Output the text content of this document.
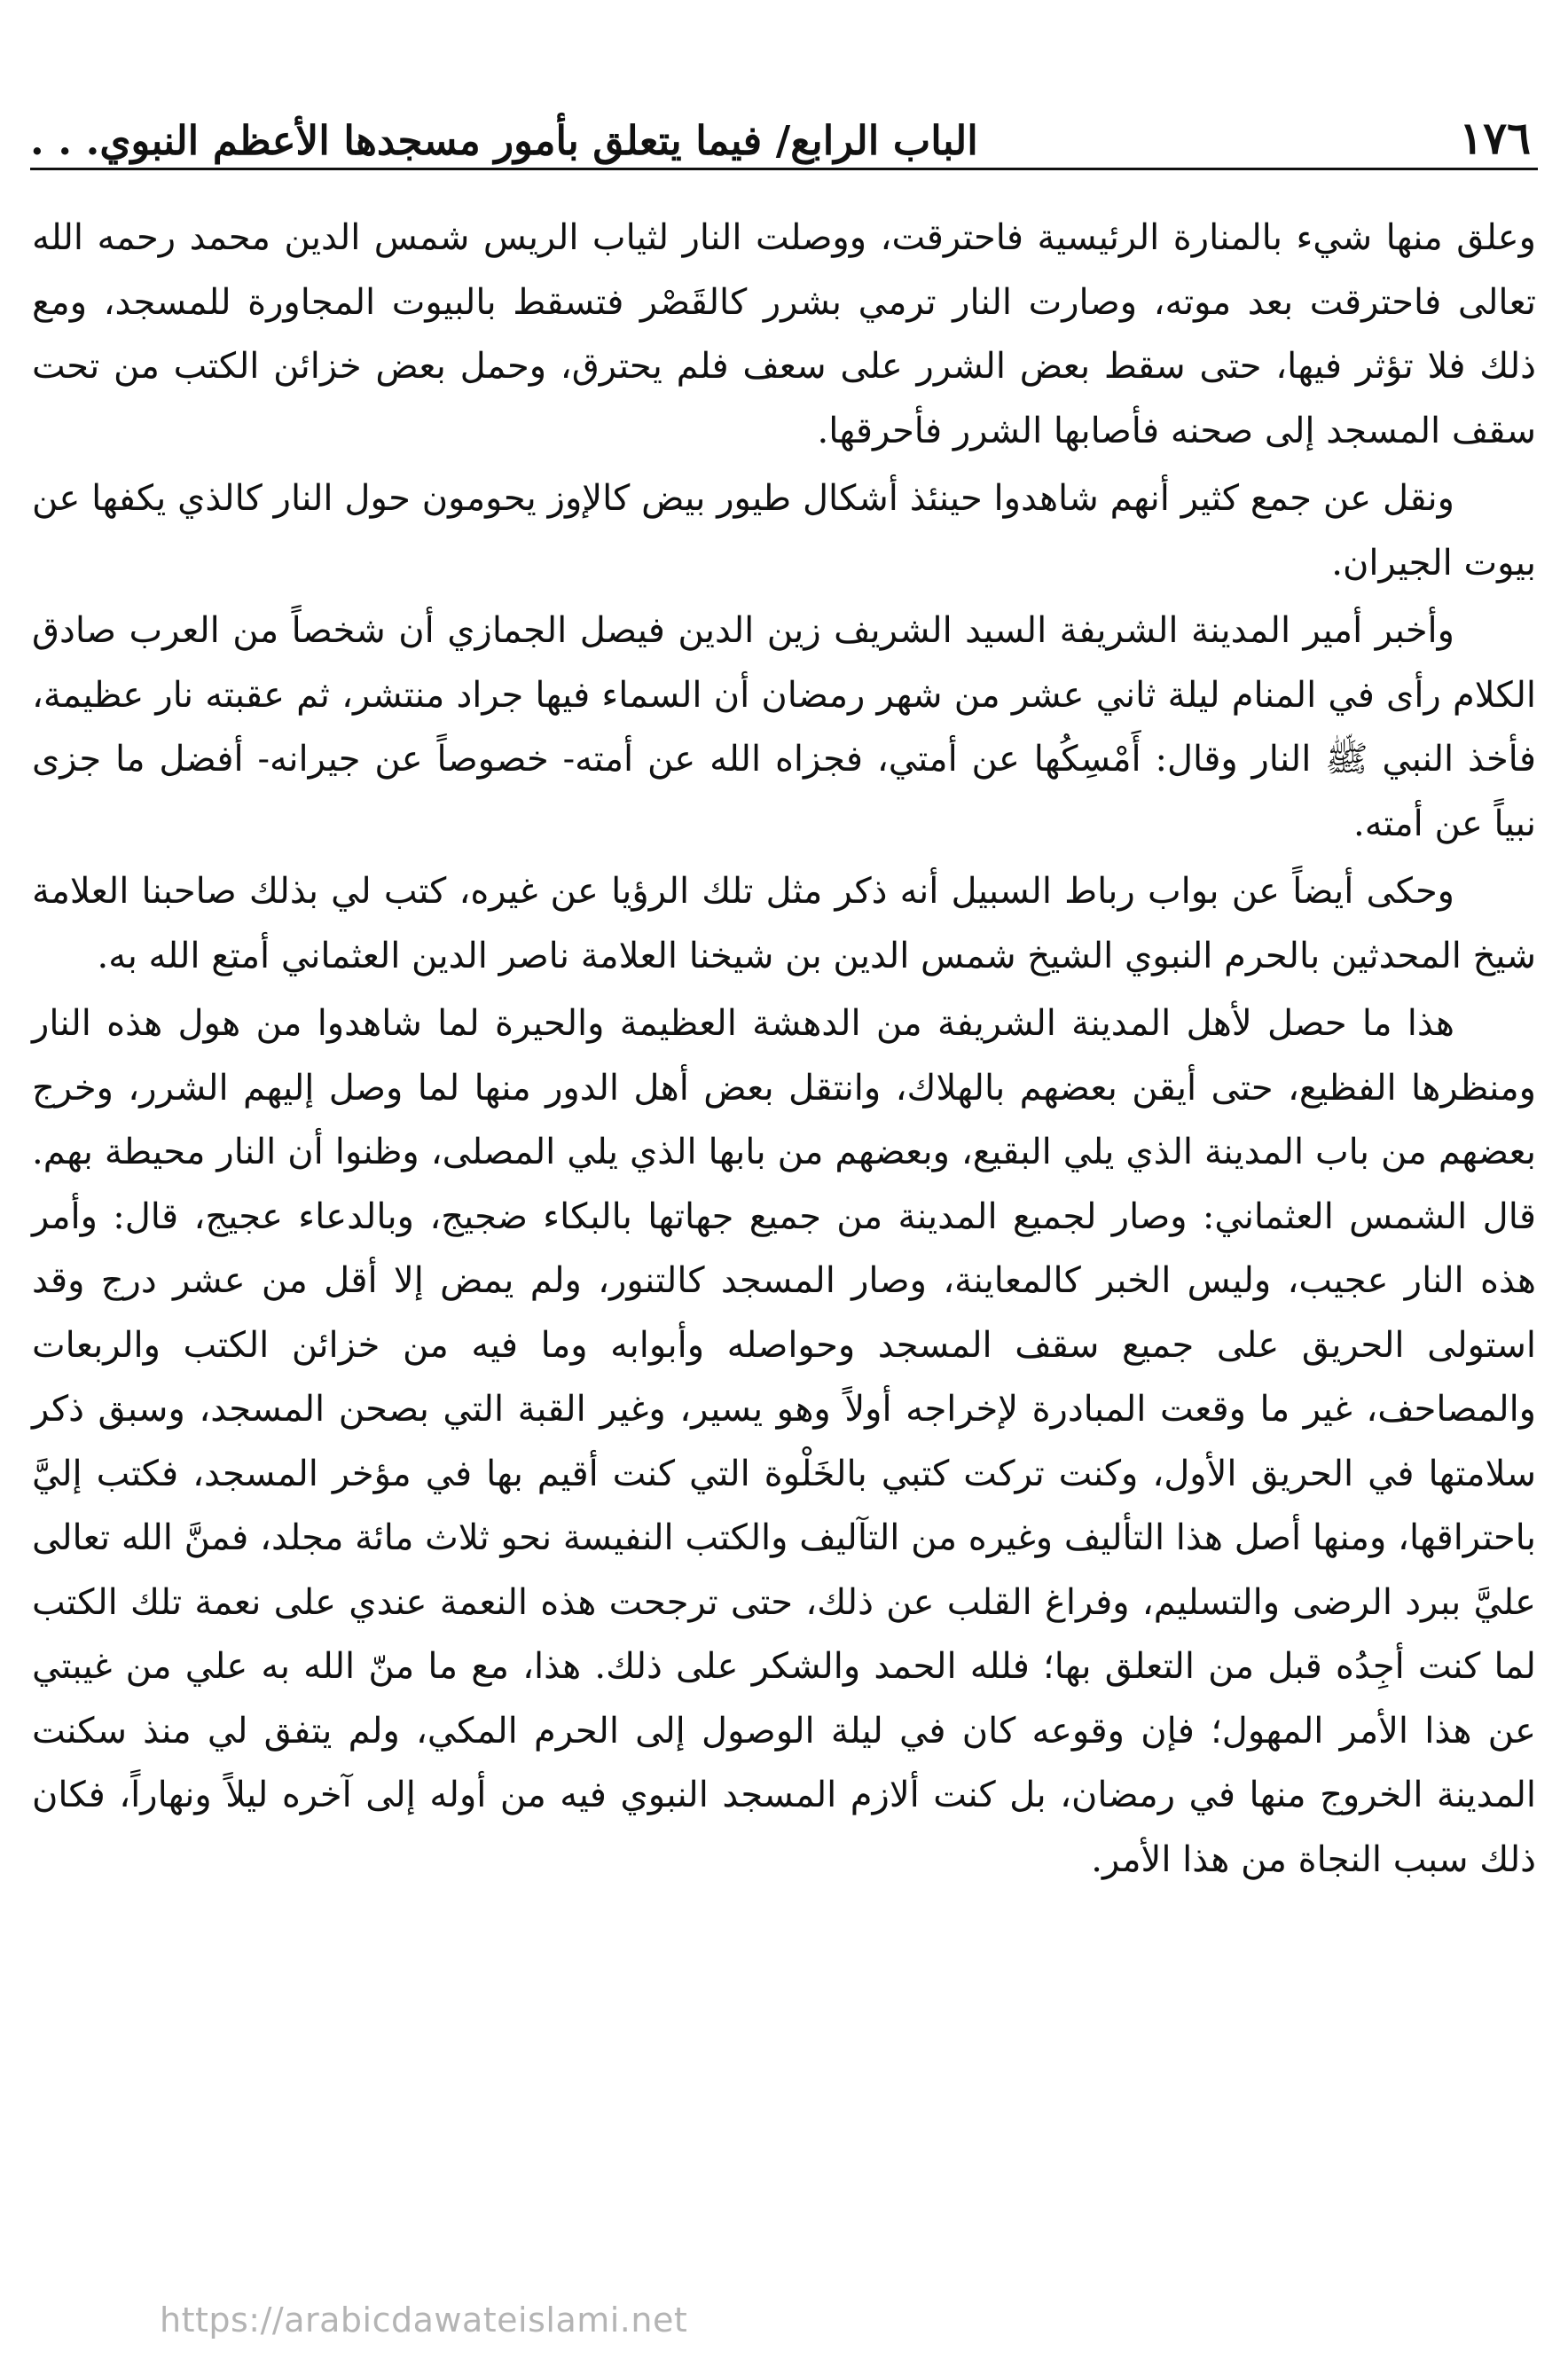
١٧٦
الباب الرابع/ فيما يتعلق بأمور مسجدها الأعظم النبوي. . .

وعلق منها شيء بالمنارة الرئيسية فاحترقت، ووصلت النار لثياب الريس شمس الدين محمد رحمه الله تعالى فاحترقت بعد موته، وصارت النار ترمي بشرر كالقَصْر فتسقط بالبيوت المجاورة للمسجد، ومع ذلك فلا تؤثر فيها، حتى سقط بعض الشرر على سعف فلم يحترق، وحمل بعض خزائن الكتب من تحت سقف المسجد إلى صحنه فأصابها الشرر فأحرقها.

ونقل عن جمع كثير أنهم شاهدوا حينئذ أشكال طيور بيض كالإوز يحومون حول النار كالذي يكفها عن بيوت الجيران.

وأخبر أمير المدينة الشريفة السيد الشريف زين الدين فيصل الجمازي أن شخصاً من العرب صادق الكلام رأى في المنام ليلة ثاني عشر من شهر رمضان أن السماء فيها جراد منتشر، ثم عقبته نار عظيمة، فأخذ النبي ﷺ النار وقال: أَمْسِكُها عن أمتي، فجزاه الله عن أمته- خصوصاً عن جيرانه- أفضل ما جزى نبياً عن أمته.

وحكى أيضاً عن بواب رباط السبيل أنه ذكر مثل تلك الرؤيا عن غيره، كتب لي بذلك صاحبنا العلامة شيخ المحدثين بالحرم النبوي الشيخ شمس الدين بن شيخنا العلامة ناصر الدين العثماني أمتع الله به.

هذا ما حصل لأهل المدينة الشريفة من الدهشة العظيمة والحيرة لما شاهدوا من هول هذه النار ومنظرها الفظيع، حتى أيقن بعضهم بالهلاك، وانتقل بعض أهل الدور منها لما وصل إليهم الشرر، وخرج بعضهم من باب المدينة الذي يلي البقيع، وبعضهم من بابها الذي يلي المصلى، وظنوا أن النار محيطة بهم. قال الشمس العثماني: وصار لجميع المدينة من جميع جهاتها بالبكاء ضجيج، وبالدعاء عجيج، قال: وأمر هذه النار عجيب، وليس الخبر كالمعاينة، وصار المسجد كالتنور، ولم يمض إلا أقل من عشر درج وقد استولى الحريق على جميع سقف المسجد وحواصله وأبوابه وما فيه من خزائن الكتب والربعات والمصاحف، غير ما وقعت المبادرة لإخراجه أولاً وهو يسير، وغير القبة التي بصحن المسجد، وسبق ذكر سلامتها في الحريق الأول، وكنت تركت كتبي بالخَلْوة التي كنت أقيم بها في مؤخر المسجد، فكتب إليَّ باحتراقها، ومنها أصل هذا التأليف وغيره من التآليف والكتب النفيسة نحو ثلاث مائة مجلد، فمنَّ الله تعالى عليَّ ببرد الرضى والتسليم، وفراغ القلب عن ذلك، حتى ترجحت هذه النعمة عندي على نعمة تلك الكتب لما كنت أجِدُه قبل من التعلق بها؛ فلله الحمد والشكر على ذلك. هذا، مع ما منّ الله به علي من غيبتي عن هذا الأمر المهول؛ فإن وقوعه كان في ليلة الوصول إلى الحرم المكي، ولم يتفق لي منذ سكنت المدينة الخروج منها في رمضان، بل كنت ألازم المسجد النبوي فيه من أوله إلى آخره ليلاً ونهاراً، فكان ذلك سبب النجاة من هذا الأمر.

https://arabicdawateislami.net
